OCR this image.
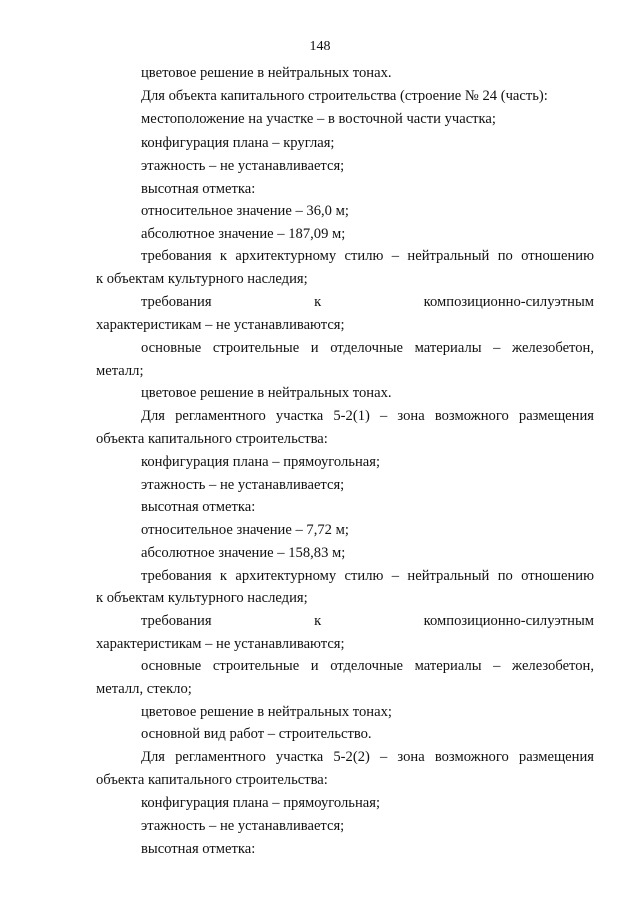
148
цветовое решение в нейтральных тонах.
Для объекта капитального строительства (строение № 24 (часть):
местоположение на участке – в восточной части участка;
конфигурация плана – круглая;
этажность – не устанавливается;
высотная отметка:
относительное значение – 36,0 м;
абсолютное значение – 187,09 м;
требования к архитектурному стилю – нейтральный по отношению
к объектам культурного наследия;
требования	к	композиционно-силуэтным
характеристикам – не устанавливаются;
основные строительные и отделочные материалы – железобетон,
металл;
цветовое решение в нейтральных тонах.
Для регламентного участка 5-2(1) – зона возможного размещения
объекта капитального строительства:
конфигурация плана – прямоугольная;
этажность – не устанавливается;
высотная отметка:
относительное значение – 7,72 м;
абсолютное значение – 158,83 м;
требования к архитектурному стилю – нейтральный по отношению
к объектам культурного наследия;
требования	к	композиционно-силуэтным
характеристикам – не устанавливаются;
основные строительные и отделочные материалы – железобетон,
металл, стекло;
цветовое решение в нейтральных тонах;
основной вид работ – строительство.
Для регламентного участка 5-2(2) – зона возможного размещения
объекта капитального строительства:
конфигурация плана – прямоугольная;
этажность – не устанавливается;
высотная отметка:
